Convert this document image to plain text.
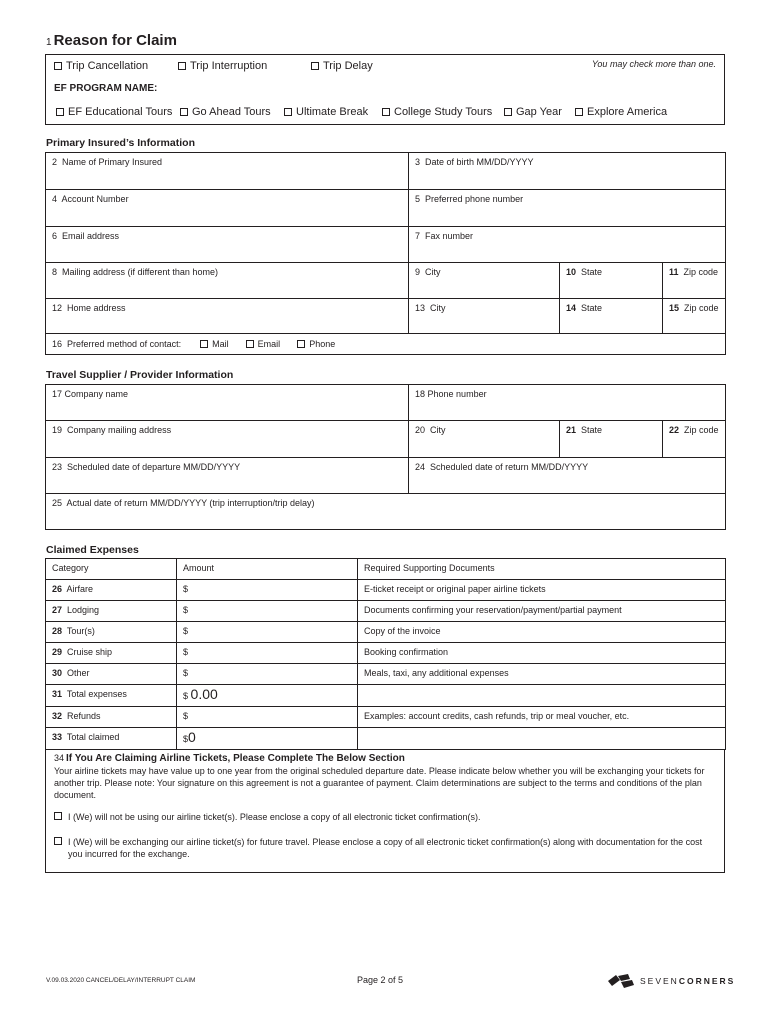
1 Reason for Claim
Trip Cancellation	Trip Interruption	Trip Delay	You may check more than one.
EF PROGRAM NAME:
EF Educational Tours	Go Ahead Tours	Ultimate Break	College Study Tours	Gap Year	Explore America
Primary Insured’s Information
2 Name of Primary Insured	3 Date of birth MM/DD/YYYY		
4 Account Number	5 Preferred phone number		
6 Email address	7 Fax number		
8 Mailing address (if different than home)	9 City	10 State	11 Zip code
12 Home address	13 City	14 State	15 Zip code
16 Preferred method of contact: Mail Email Phone			
Travel Supplier / Provider Information
17 Company name	18 Phone number		
19 Company mailing address	20 City	21 State	22 Zip code
23 Scheduled date of departure MM/DD/YYYY	24 Scheduled date of return MM/DD/YYYY		
25 Actual date of return MM/DD/YYYY (trip interruption/trip delay)			
Claimed Expenses
Category	Amount	Required Supporting Documents
26 Airfare	$	E-ticket receipt or original paper airline tickets
27 Lodging	$	Documents confirming your reservation/payment/partial payment
28 Tour(s)	$	Copy of the invoice
29 Cruise ship	$	Booking confirmation
30 Other	$	Meals, taxi, any additional expenses
31 Total expenses	$ 0.00	
32 Refunds	$	Examples: account credits, cash refunds, trip or meal voucher, etc.
33 Total claimed	$0	
34 If You Are Claiming Airline Tickets, Please Complete The Below Section
Your airline tickets may have value up to one year from the original scheduled departure date. Please indicate below whether you will be exchanging your tickets for another trip. Please note: Your signature on this agreement is not a guarantee of payment. Claim determinations are subject to the terms and conditions of the plan document.
I (We) will not be using our airline ticket(s). Please enclose a copy of all electronic ticket confirmation(s).
I (We) will be exchanging our airline ticket(s) for future travel. Please enclose a copy of all electronic ticket confirmation(s) along with documentation for the cost you incurred for the exchange.
V.09.03.2020 CANCEL/DELAY/INTERRUPT CLAIM	Page 2 of 5	SEVENCORNERS
